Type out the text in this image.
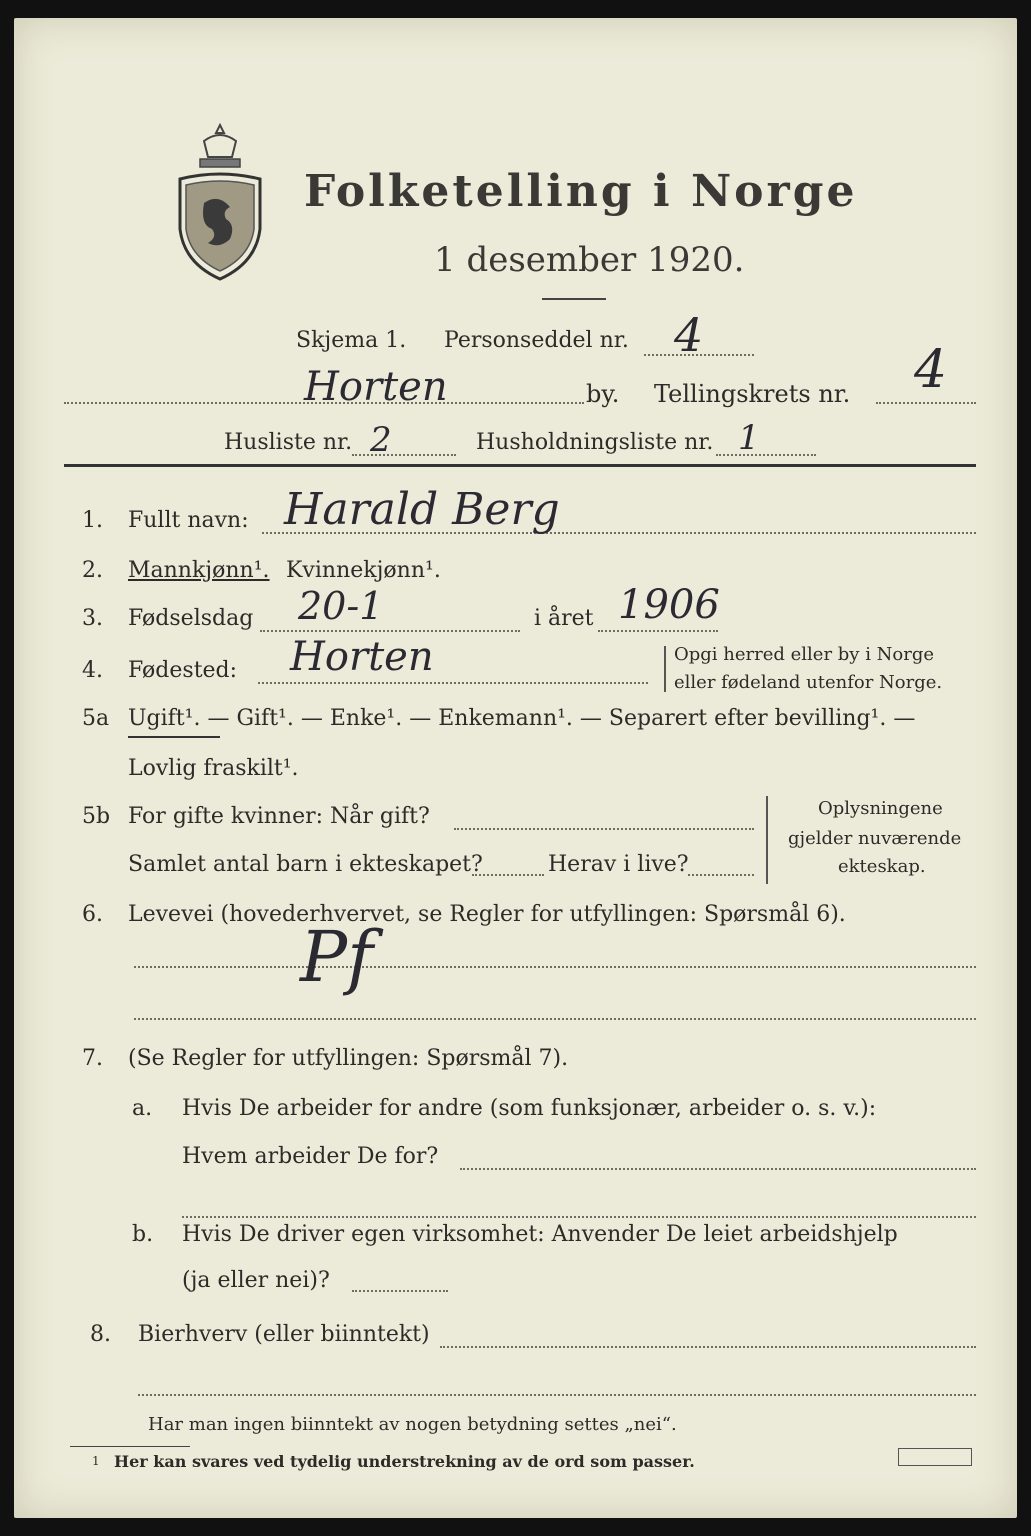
Folketelling i Norge
1 desember 1920.
Skjema 1. Personseddel nr. 4
Horten	by. Tellingskrets nr. 4
Husliste nr. 2	Husholdningsliste nr. 1
1. Fullt navn: Harald Berg
2. Mannkjønn¹. Kvinnekjønn¹.
3. Fødselsdag 20-1	i året 1906
4. Fødested: Horten	Opgi herred eller by i Norge
eller fødeland utenfor Norge.
5a Ugift¹. — Gift¹. — Enke¹. — Enkemann¹. — Separert efter bevilling¹. —
Lovlig fraskilt¹.
5b For gifte kvinner: Når gift?
Samlet antal barn i ekteskapet?	Herav i live?
Oplysningene
gjelder nuværende
ekteskap.
6. Levevei (hovederhvervet, se Regler for utfyllingen: Spørsmål 6).
Pf
7. (Se Regler for utfyllingen: Spørsmål 7).
a. Hvis De arbeider for andre (som funksjonær, arbeider o. s. v.):
Hvem arbeider De for?
b. Hvis De driver egen virksomhet: Anvender De leiet arbeidshjelp
(ja eller nei)?
8. Bierhverv (eller biinntekt)
Har man ingen biinntekt av nogen betydning settes „nei“.
1 Her kan svares ved tydelig understrekning av de ord som passer.
